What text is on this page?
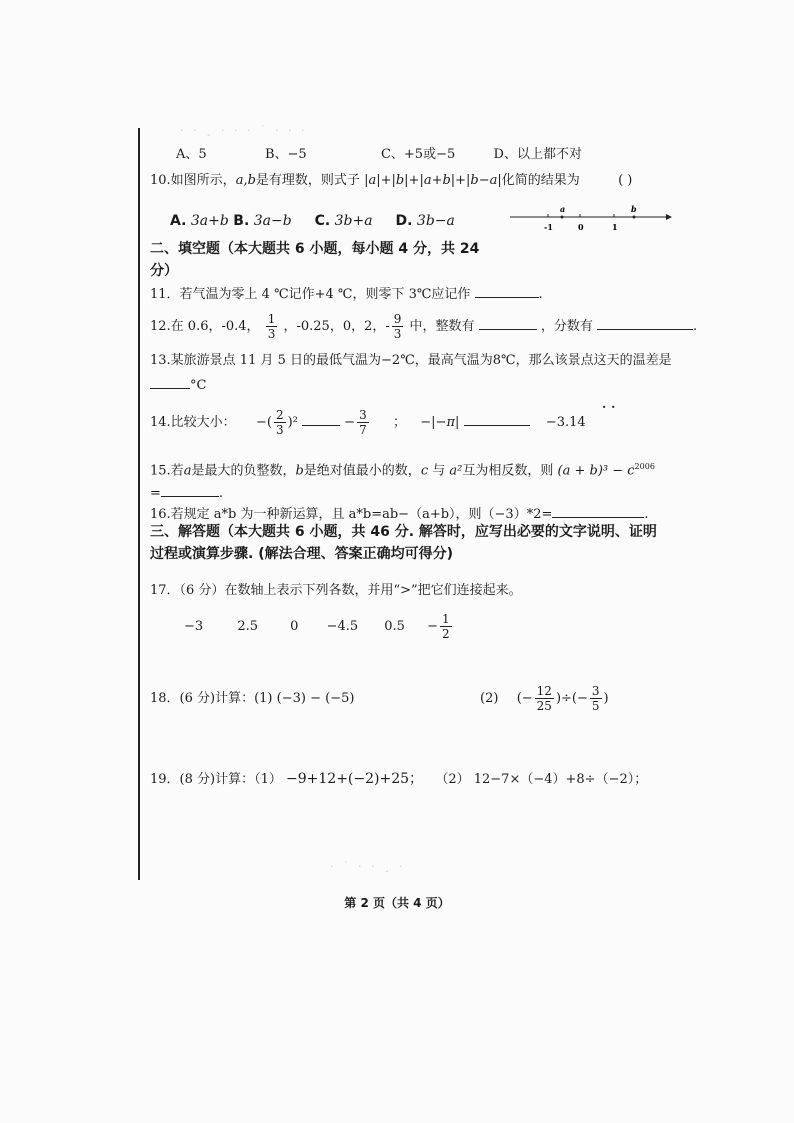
· · ¸ · · · ˙ · · ·
· ˙ · · ¸ ·
A、5	B、−5	C、+5或−5	D、以上都不对
10.如图所示，a,b是有理数，则式子 |a|+|b|+|a+b|+|b−a|化简的结果为	( )
A. 3a+b B. 3a−b C. 3b+a D. 3b−a
a	b
-1	0	1
二、填空题（本大题共 6 小题，每小题 4 分，共 24
分）
11．若气温为零上 4 ℃记作+4 ℃，则零下 3℃应记作	.
12.在 0.6，-0.4， $\frac{1}{3}$ ，-0.25，0，2，- $\frac{9}{3}$ 中，整数有	，分数有	.
13.某旅游景点 11 月 5 日的最低气温为−2℃，最高气温为8℃，那么该景点这天的温差是
°C
14.比较大小： −( $\frac{2}{3} )^2$	− $\frac{3}{7}$ ； −|−π|	−3.14
··
15.若a是最大的负整数，b是绝对值最小的数，c 与 a²互为相反数，则 $(a + b)^3 - c^{2006}$
=	.
16.若规定 a*b 为一种新运算，且 a*b=ab−（a+b），则（−3）*2=	.
三、解答题（本大题共 6 小题，共 46 分. 解答时，应写出必要的文字说明、证明
过程或演算步骤. (解法合理、答案正确均可得分)
17．（6 分）在数轴上表示下列各数，并用“>”把它们连接起来。
−3	2.5 0 −4.5 $0.5 - \frac{1}{2}$
18．(6 分)计算：(1) (−3) − (−5)	(2) (− $\frac{12}{25}$ )÷(− $\frac{3}{5}$ )
19．(8 分)计算：（1） −9+12+(−2)+25； （2） 12−7×（−4）+8÷（−2）；
第 2 页（共 4 页）
